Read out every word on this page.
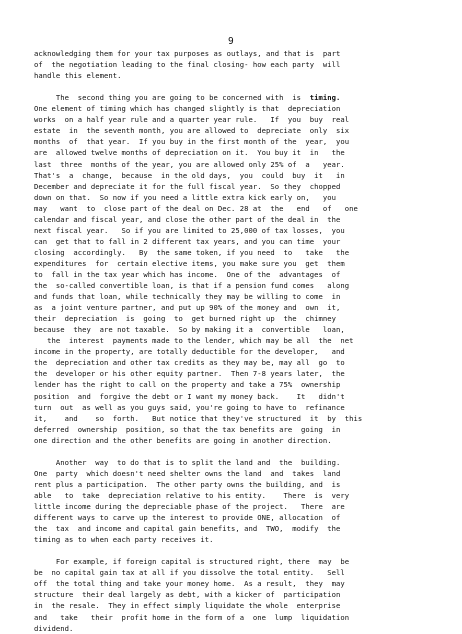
9
acknowledging them for your tax purposes as outlays, and that is  part
of  the negotiation leading to the final closing- how each party  will
handle this element.
The  second thing you are going to be concerned with  is  timing.
One element of timing which has changed slightly is that  depreciation
works  on a half year rule and a quarter year rule.   If  you  buy  real
estate  in  the seventh month, you are allowed to  depreciate  only  six
months  of  that year.  If you buy in the first month of the  year,  you
are  allowed twelve months of depreciation on it.  You buy it  in   the
last  three  months of the year, you are allowed only 25% of  a   year.
That's  a  change,  because  in the old days,  you  could  buy  it   in
December and depreciate it for the full fiscal year.  So they  chopped
down on that.  So now if you need a little extra kick early on,   you
may   want  to  close part of the deal on Dec. 28 at  the   end   of   one
calendar and fiscal year, and close the other part of the deal in  the
next fiscal year.   So if you are limited to 25,000 of tax losses,  you
can  get that to fall in 2 different tax years, and you can time  your
closing  accordingly.   By  the same token, if you need  to   take   the
expenditures  for  certain elective items, you make sure you  get  them
to  fall in the tax year which has income.  One of the  advantages  of
the  so-called convertible loan, is that if a pension fund comes   along
and funds that loan, while technically they may be willing to come  in
as  a joint venture partner, and put up 90% of the money and  own  it,
their  depreciation  is  going  to  get burned right up  the  chimney
because  they  are not taxable.  So by making it a  convertible   loan,
the  interest  payments made to the lender, which may be all  the  net
income in the property, are totally deductible for the developer,   and
the  depreciation and other tax credits as they may be, may all  go  to
the  developer or his other equity partner.  Then 7-8 years later,  the
lender has the right to call on the property and take a 75%  ownership
position  and  forgive the debt or I want my money back.    It   didn't
turn  out  as well as you guys said, you're going to have to  refinance
it,    and    so  forth.   But notice that they've structured  it  by  this
deferred  ownership  position, so that the tax benefits are  going  in
one direction and the other benefits are going in another direction.
Another  way  to do that is to split the land and  the  building.
One  party  which doesn't need shelter owns the land  and  takes  land
rent plus a participation.  The other party owns the building, and  is
able   to  take  depreciation relative to his entity.    There  is  very
little income during the depreciable phase of the project.   There  are
different ways to carve up the interest to provide ONE, allocation  of
the  tax  and income and capital gain benefits, and  TWO,  modify  the
timing as to when each party receives it.
For example, if foreign capital is structured right, there  may  be
be  no capital gain tax at all if you dissolve the total entity.   Sell
off  the total thing and take your money home.  As a result,  they  may
structure  their deal largely as debt, with a kicker of  participation
in  the resale.  They in effect simply liquidate the whole  enterprise
and   take   their  profit home in the form of a  one  lump  liquidation
dividend.
